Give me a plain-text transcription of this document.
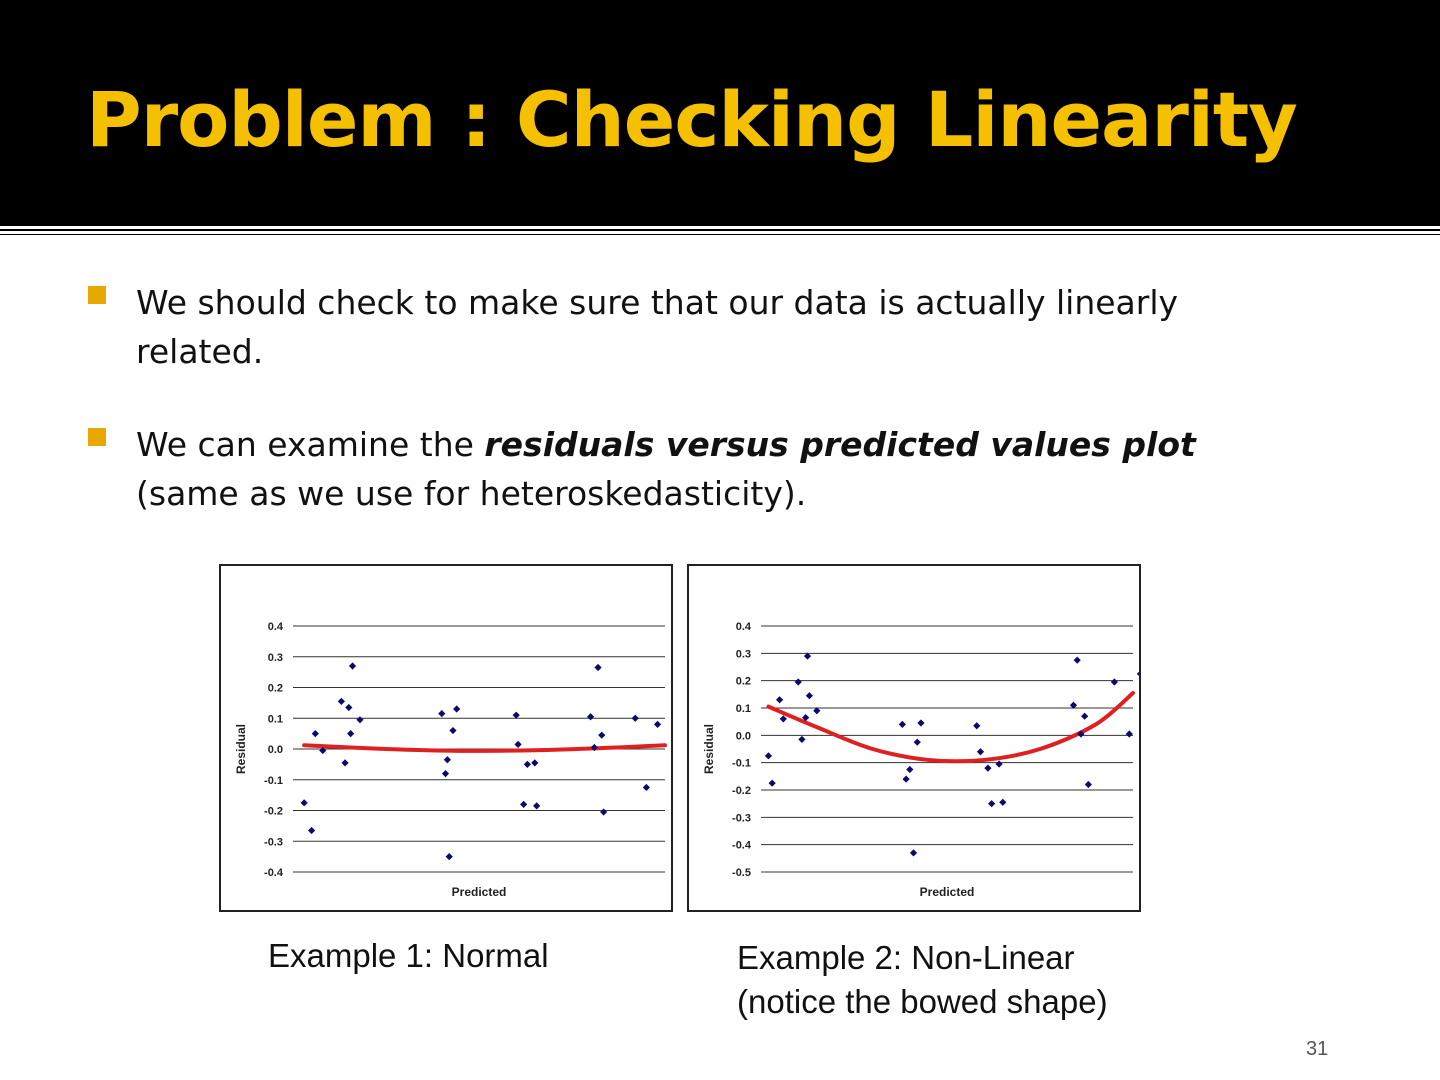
Problem : Checking Linearity
We should check to make sure that our data is actually linearly related.
We can examine the residuals versus predicted values plot (same as we use for heteroskedasticity).
0.4
0.3
0.2
0.1
0.0
-0.1
-0.2
-0.3
-0.4
Residual
Predicted
0.4
0.3
0.2
0.1
0.0
-0.1
-0.2
-0.3
-0.4
-0.5
Residual
Predicted
Example 1: Normal	Example 2: Non-Linear
(notice the bowed shape)
31
